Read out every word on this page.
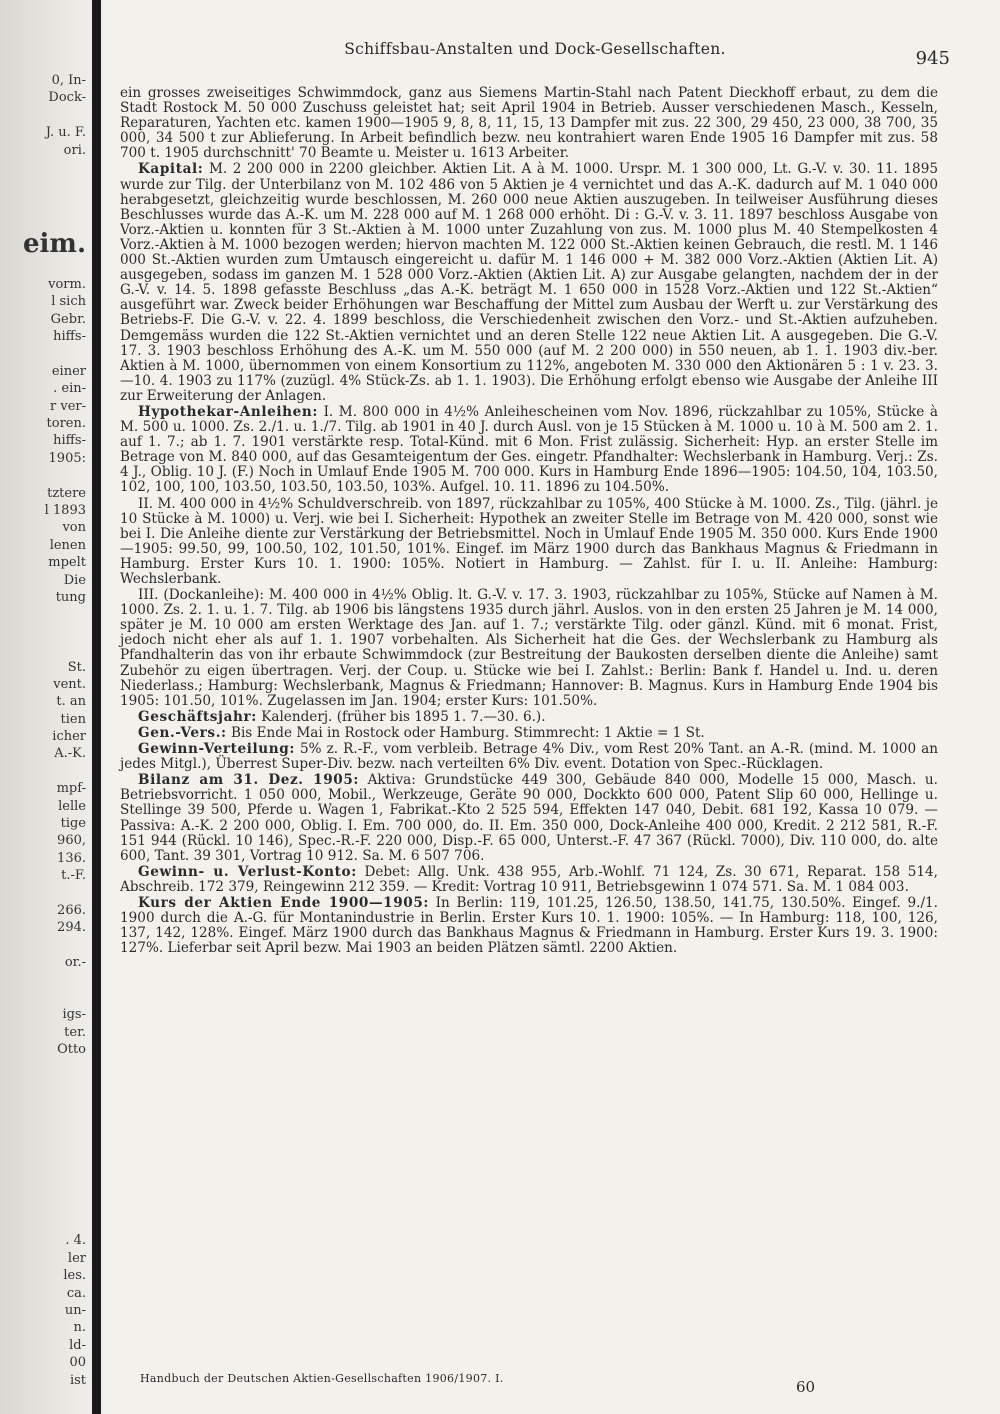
0, In-
Dock-
J. u. F.
ori.
eim.
vorm.
l sich
Gebr.
hiffs-
einer
. ein-
r ver-
toren.
hiffs-
1905:
tztere
l 1893
von
lenen
mpelt
Die
tung
St.
vent.
t. an
tien
icher
A.-K.
mpf-
lelle
tige
960,
136.
t.-F.
266.
294.
or.-
igs-
ter.
Otto
. 4.
ler
les.
ca.
un-
n.
ld-
00
ist
Schiffsbau-Anstalten und Dock-Gesellschaften.	945

ein grosses zweiseitiges Schwimmdock, ganz aus Siemens Martin-Stahl nach Patent Dieckhoff erbaut, zu dem die Stadt Rostock M. 50 000 Zuschuss geleistet hat; seit April 1904 in Betrieb. Ausser verschiedenen Masch., Kesseln, Reparaturen, Yachten etc. kamen 1900—1905 9, 8, 8, 11, 15, 13 Dampfer mit zus. 22 300, 29 450, 23 000, 38 700, 35 000, 34 500 t zur Ablieferung. In Arbeit befindlich bezw. neu kontrahiert waren Ende 1905 16 Dampfer mit zus. 58 700 t. 1905 durchschnitt' 70 Beamte u. Meister u. 1613 Arbeiter.

Kapital: M. 2 200 000 in 2200 gleichber. Aktien Lit. A à M. 1000. Urspr. M. 1 300 000, Lt. G.-V. v. 30. 11. 1895 wurde zur Tilg. der Unterbilanz von M. 102 486 von 5 Aktien je 4 vernichtet und das A.-K. dadurch auf M. 1 040 000 herabgesetzt, gleichzeitig wurde beschlossen, M. 260 000 neue Aktien auszugeben. In teilweiser Ausführung dieses Beschlusses wurde das A.-K. um M. 228 000 auf M. 1 268 000 erhöht. Di : G.-V. v. 3. 11. 1897 beschloss Ausgabe von Vorz.-Aktien u. konnten für 3 St.-Aktien à M. 1000 unter Zuzahlung von zus. M. 1000 plus M. 40 Stempelkosten 4 Vorz.-Aktien à M. 1000 bezogen werden; hiervon machten M. 122 000 St.-Aktien keinen Gebrauch, die restl. M. 1 146 000 St.-Aktien wurden zum Umtausch eingereicht u. dafür M. 1 146 000 + M. 382 000 Vorz.-Aktien (Aktien Lit. A) ausgegeben, sodass im ganzen M. 1 528 000 Vorz.-Aktien (Aktien Lit. A) zur Ausgabe gelangten, nachdem der in der G.-V. v. 14. 5. 1898 gefasste Beschluss „das A.-K. beträgt M. 1 650 000 in 1528 Vorz.-Aktien und 122 St.-Aktien“ ausgeführt war. Zweck beider Erhöhungen war Beschaffung der Mittel zum Ausbau der Werft u. zur Verstärkung des Betriebs-F. Die G.-V. v. 22. 4. 1899 beschloss, die Verschiedenheit zwischen den Vorz.- und St.-Aktien aufzuheben. Demgemäss wurden die 122 St.-Aktien vernichtet und an deren Stelle 122 neue Aktien Lit. A ausgegeben. Die G.-V. 17. 3. 1903 beschloss Erhöhung des A.-K. um M. 550 000 (auf M. 2 200 000) in 550 neuen, ab 1. 1. 1903 div.-ber. Aktien à M. 1000, übernommen von einem Konsortium zu 112%, angeboten M. 330 000 den Aktionären 5 : 1 v. 23. 3.—10. 4. 1903 zu 117% (zuzügl. 4% Stück-Zs. ab 1. 1. 1903). Die Erhöhung erfolgt ebenso wie Ausgabe der Anleihe III zur Erweiterung der Anlagen.

Hypothekar-Anleihen: I. M. 800 000 in 4½% Anleihescheinen vom Nov. 1896, rückzahlbar zu 105%, Stücke à M. 500 u. 1000. Zs. 2./1. u. 1./7. Tilg. ab 1901 in 40 J. durch Ausl. von je 15 Stücken à M. 1000 u. 10 à M. 500 am 2. 1. auf 1. 7.; ab 1. 7. 1901 verstärkte resp. Total-Künd. mit 6 Mon. Frist zulässig. Sicherheit: Hyp. an erster Stelle im Betrage von M. 840 000, auf das Gesamteigentum der Ges. eingetr. Pfandhalter: Wechslerbank in Hamburg. Verj.: Zs. 4 J., Oblig. 10 J. (F.) Noch in Umlauf Ende 1905 M. 700 000. Kurs in Hamburg Ende 1896—1905: 104.50, 104, 103.50, 102, 100, 100, 103.50, 103.50, 103.50, 103%. Aufgel. 10. 11. 1896 zu 104.50%.

II. M. 400 000 in 4½% Schuldverschreib. von 1897, rückzahlbar zu 105%, 400 Stücke à M. 1000. Zs., Tilg. (jährl. je 10 Stücke à M. 1000) u. Verj. wie bei I. Sicherheit: Hypothek an zweiter Stelle im Betrage von M. 420 000, sonst wie bei I. Die Anleihe diente zur Verstärkung der Betriebsmittel. Noch in Umlauf Ende 1905 M. 350 000. Kurs Ende 1900—1905: 99.50, 99, 100.50, 102, 101.50, 101%. Eingef. im März 1900 durch das Bankhaus Magnus & Friedmann in Hamburg. Erster Kurs 10. 1. 1900: 105%. Notiert in Hamburg. — Zahlst. für I. u. II. Anleihe: Hamburg: Wechslerbank.

III. (Dockanleihe): M. 400 000 in 4½% Oblig. lt. G.-V. v. 17. 3. 1903, rückzahlbar zu 105%, Stücke auf Namen à M. 1000. Zs. 2. 1. u. 1. 7. Tilg. ab 1906 bis längstens 1935 durch jährl. Auslos. von in den ersten 25 Jahren je M. 14 000, später je M. 10 000 am ersten Werktage des Jan. auf 1. 7.; verstärkte Tilg. oder gänzl. Künd. mit 6 monat. Frist, jedoch nicht eher als auf 1. 1. 1907 vorbehalten. Als Sicherheit hat die Ges. der Wechslerbank zu Hamburg als Pfandhalterin das von ihr erbaute Schwimmdock (zur Bestreitung der Baukosten derselben diente die Anleihe) samt Zubehör zu eigen übertragen. Verj. der Coup. u. Stücke wie bei I. Zahlst.: Berlin: Bank f. Handel u. Ind. u. deren Niederlass.; Hamburg: Wechslerbank, Magnus & Friedmann; Hannover: B. Magnus. Kurs in Hamburg Ende 1904 bis 1905: 101.50, 101%. Zugelassen im Jan. 1904; erster Kurs: 101.50%.

Geschäftsjahr: Kalenderj. (früher bis 1895 1. 7.—30. 6.).

Gen.-Vers.: Bis Ende Mai in Rostock oder Hamburg. Stimmrecht: 1 Aktie = 1 St.

Gewinn-Verteilung: 5% z. R.-F., vom verbleib. Betrage 4% Div., vom Rest 20% Tant. an A.-R. (mind. M. 1000 an jedes Mitgl.), Überrest Super-Div. bezw. nach verteilten 6% Div. event. Dotation von Spec.-Rücklagen.

Bilanz am 31. Dez. 1905: Aktiva: Grundstücke 449 300, Gebäude 840 000, Modelle 15 000, Masch. u. Betriebsvorricht. 1 050 000, Mobil., Werkzeuge, Geräte 90 000, Dockkto 600 000, Patent Slip 60 000, Hellinge u. Stellinge 39 500, Pferde u. Wagen 1, Fabrikat.-Kto 2 525 594, Effekten 147 040, Debit. 681 192, Kassa 10 079. — Passiva: A.-K. 2 200 000, Oblig. I. Em. 700 000, do. II. Em. 350 000, Dock-Anleihe 400 000, Kredit. 2 212 581, R.-F. 151 944 (Rückl. 10 146), Spec.-R.-F. 220 000, Disp.-F. 65 000, Unterst.-F. 47 367 (Rückl. 7000), Div. 110 000, do. alte 600, Tant. 39 301, Vortrag 10 912. Sa. M. 6 507 706.

Gewinn- u. Verlust-Konto: Debet: Allg. Unk. 438 955, Arb.-Wohlf. 71 124, Zs. 30 671, Reparat. 158 514, Abschreib. 172 379, Reingewinn 212 359. — Kredit: Vortrag 10 911, Betriebsgewinn 1 074 571. Sa. M. 1 084 003.

Kurs der Aktien Ende 1900—1905: In Berlin: 119, 101.25, 126.50, 138.50, 141.75, 130.50%. Eingef. 9./1. 1900 durch die A.-G. für Montanindustrie in Berlin. Erster Kurs 10. 1. 1900: 105%. — In Hamburg: 118, 100, 126, 137, 142, 128%. Eingef. März 1900 durch das Bankhaus Magnus & Friedmann in Hamburg. Erster Kurs 19. 3. 1900: 127%. Lieferbar seit April bezw. Mai 1903 an beiden Plätzen sämtl. 2200 Aktien.

Handbuch der Deutschen Aktien-Gesellschaften 1906/1907. I.	60
